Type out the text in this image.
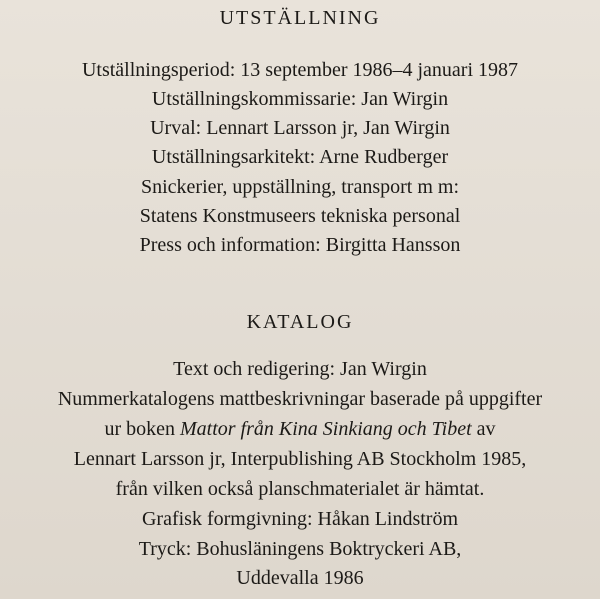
UTSTÄLLNING
Utställningsperiod: 13 september 1986–4 januari 1987
Utställningskommissarie: Jan Wirgin
Urval: Lennart Larsson jr, Jan Wirgin
Utställningsarkitekt: Arne Rudberger
Snickerier, uppställning, transport m m:
Statens Konstmuseers tekniska personal
Press och information: Birgitta Hansson
KATALOG
Text och redigering: Jan Wirgin
Nummerkatalogens mattbeskrivningar baserade på uppgifter
ur boken Mattor från Kina Sinkiang och Tibet av
Lennart Larsson jr, Interpublishing AB Stockholm 1985,
från vilken också planschmaterialet är hämtat.
Grafisk formgivning: Håkan Lindström
Tryck: Bohusläningens Boktryckeri AB,
Uddevalla 1986
